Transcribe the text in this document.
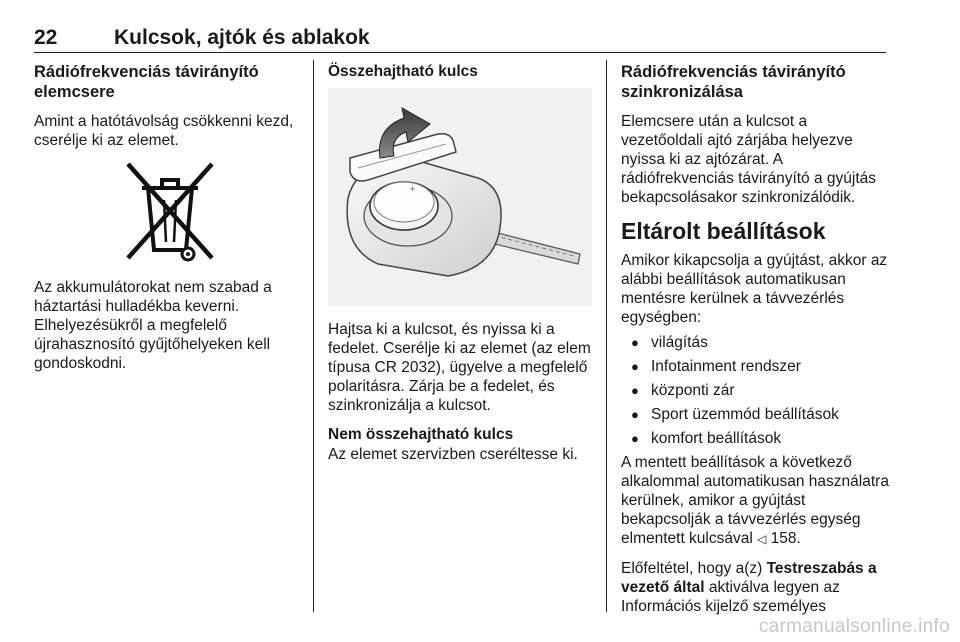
22	Kulcsok, ajtók és ablakok
Rádiófrekvenciás távirányító elemcsere

Amint a hatótávolság csökkenni kezd, cserélje ki az elemet.

Az akkumulátorokat nem szabad a háztartási hulladékba keverni. Elhelyezésükről a megfelelő újrahasznosító gyűjtőhelyeken kell gondoskodni.

Összehajtható kulcs
+

Hajtsa ki a kulcsot, és nyissa ki a fedelet. Cserélje ki az elemet (az elem típusa CR 2032), ügyelve a megfelelő polaritásra. Zárja be a fedelet, és szinkronizálja a kulcsot.

Nem összehajtható kulcs

Az elemet szervizben cseréltesse ki.

Rádiófrekvenciás távirányító szinkronizálása

Elemcsere után a kulcsot a vezetőoldali ajtó zárjába helyezve nyissa ki az ajtózárat. A rádiófrekvenciás távirányító a gyújtás bekapcsolásakor szinkronizálódik.

Eltárolt beállítások

Amikor kikapcsolja a gyújtást, akkor az alábbi beállítások automatikusan mentésre kerülnek a távvezérlés egységben:

● világítás
● Infotainment rendszer
● központi zár
● Sport üzemmód beállítások
● komfort beállítások

A mentett beállítások a következő alkalommal automatikusan használatra kerülnek, amikor a gyújtást bekapcsolják a távvezérlés egység elmentett kulcsával ◁ 158.

Előfeltétel, hogy a(z) Testreszabás a vezető által aktiválva legyen az Információs kijelző személyes

carmanualsonline.info
